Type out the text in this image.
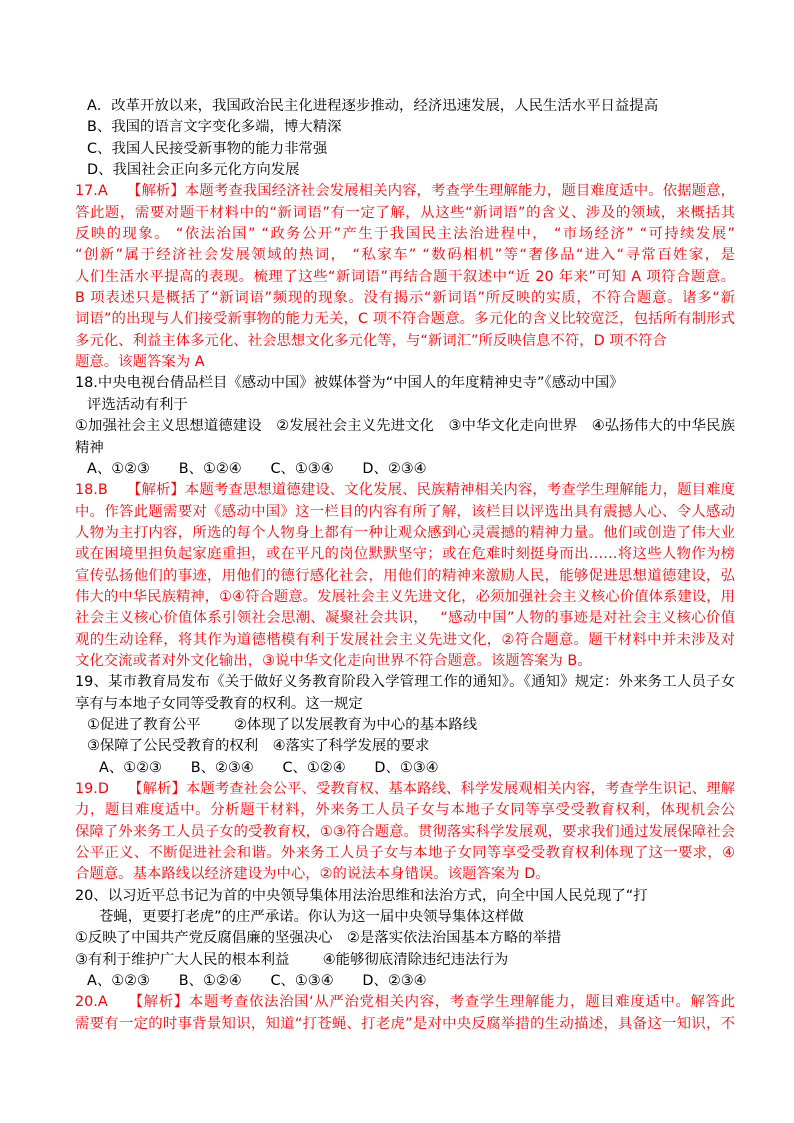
A．改革开放以来，我国政治民主化进程逐步推动，经济迅速发展，人民生活水平日益提高
B、我国的语言文字变化多端，博大精深
C、我国人民接受新事物的能力非常强
D、我国社会正向多元化方向发展
17.A　 【解析】本题考查我国经济社会发展相关内容，考查学生理解能力，题目难度适中。依据题意，
答此题，需要对题干材料中的“新词语”有一定了解，从这些“新词语”的含义、涉及的领域，来概括其
反映的现象。 “依法治国” “政务公开”产生于我国民主法治进程中， “市场经济” “可持续发展”
“创新”属于经济社会发展领域的热词， “私家车” “数码相机”等“奢侈品“进入“寻常百姓家，是
人们生活水平提高的表现。梳理了这些“新词语”再结合题干叙述中“近 20 年来”可知 A 项符合题意。
B 项表述只是概括了“新词语”频现的现象。没有揭示“新词语”所反映的实质，不符合题意。诸多“新
词语”的出现与人们接受新事物的能力无关，C 项不符合题意。多元化的含义比较宽泛，包括所有制形式
多元化、利益主体多元化、社会思想文化多元化等，与“新词汇”所反映信息不符，D 项不符合
题意。该题答案为 A
18.中央电视台倩品栏目《感动中国》被媒体誉为“中国人的年度精神史寺”《感动中国》
评选活动有利于
①加强社会主义思想道德建设　②发展社会主义先进文化　③中华文化走向世界　④弘扬伟大的中华民族
精神
A、①②③　　B、①②④　　C、①③④　　D、②③④
18.B　 【解析】本题考查思想道德建设、文化发展、民族精神相关内容，考查学生理解能力，题目难度
中。作答此题需要对《感动中国》这一栏目的内容有所了解，该栏目以评选出具有震撼人心、令人感动
人物为主打内容，所选的每个人物身上都有一种让观众感到心灵震撼的精神力量。他们或创造了伟大业
或在困境里担负起家庭重担，或在平凡的岗位默默坚守；或在危难时刻挺身而出……将这些人物作为榜
宣传弘扬他们的事迹，用他们的德行感化社会，用他们的精神来激励人民，能够促进思想道德建设，弘
伟大的中华民族精神，①④符合题意。发展社会主义先进文化，必须加强社会主义核心价值体系建设，用
社会主义核心价值体系引领社会思潮、凝聚社会共识，　 “感动中国”人物的事迹是对社会主义核心价值
观的生动诠释，将其作为道德楷模有利于发展社会主义先进文化，②符合题意。题干材料中并未涉及对
文化交流或者对外文化输出，③说中华文化走向世界不符合题意。该题答案为 B。
19、某市教育局发布《关于做好义务教育阶段入学管理工作的通知》。《通知》规定：外来务工人员子女
享有与本地子女同等受教育的权利。这一规定
①促进了教育公平　　 ②体现了以发展教育为中心的基本路线
③保障了公民受教育的权利　④落实了科学发展的要求
A、①②③　　B、②③④　　C、①②④　　D、①③④
19.D　 【解析】本题考查社会公平、受教育权、基本路线、科学发展观相关内容，考查学生识记、理解
力，题目难度适中。分析题干材料，外来务工人员子女与本地子女同等享受受教育权利，体现机会公
保障了外来务工人员子女的受教育权，①③符合题意。贯彻落实科学发展观，要求我们通过发展保障社会
公平正义、不断促进社会和谐。外来务工人员子女与本地子女同等享受受教育权利体现了这一要求，④
合题意。基本路线以经济建设为中心，②的说法本身错误。该题答案为 D。
20、以习近平总书记为首的中央领导集体用法治思维和法治方式，向全中国人民兑现了“打
苍蝇，更要打老虎”的庄严承诺。你认为这一届中央领导集体这样做
①反映了中国共产党反腐倡廉的坚强决心　②是落实依法治国基本方略的举措
③有利于维护广大人民的根本利益　　 ④能够彻底清除违纪违法行为
A、①②③　　B、①②④　　C、①③④　　D、②③④
20.A　 【解析】本题考查依法治国‘从严治党相关内容，考查学生理解能力，题目难度适中。解答此
需要有一定的时事背景知识，知道“打苍蝇、打老虎”是对中央反腐举措的生动描述，具备这一知识，不
